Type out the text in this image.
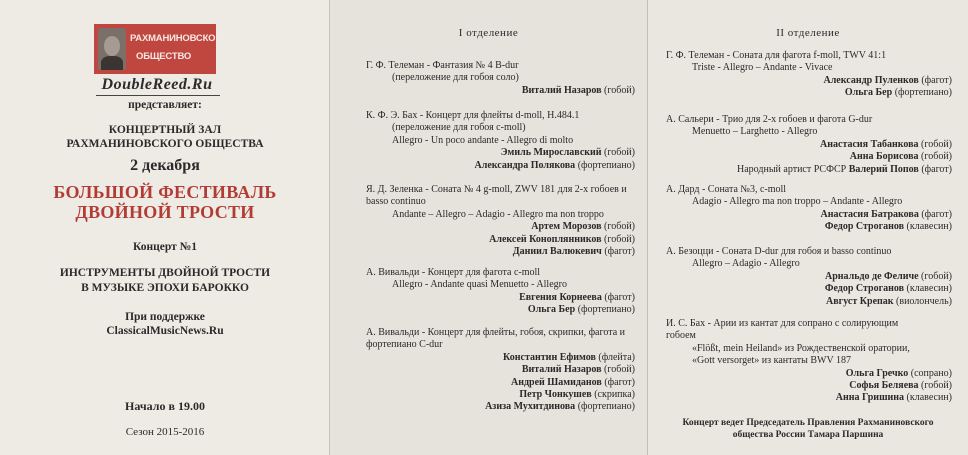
РАХМАНИНОВСКОЕ
ОБЩЕСТВО
DoubleReed.Ru
представляет:
КОНЦЕРТНЫЙ ЗАЛ
РАХМАНИНОВСКОГО ОБЩЕСТВА
2 декабря
БОЛЬШОЙ ФЕСТИВАЛЬ
ДВОЙНОЙ ТРОСТИ
Концерт №1
ИНСТРУМЕНТЫ ДВОЙНОЙ ТРОСТИ
В МУЗЫКЕ ЭПОХИ БАРОККО
При поддержке
ClassicalMusicNews.Ru
Начало в 19.00
Сезон 2015-2016
I отделение
Г. Ф. Телеман - Фантазия № 4 B-dur
(переложение для гобоя соло)
Виталий Назаров (гобой)
К. Ф. Э. Бах - Концерт для флейты d-moll, H.484.1
(переложение для гобоя c-moll)
Allegro - Un poco andante - Allegro di molto
Эмиль Мирославский (гобой)
Александра Полякова (фортепиано)
Я. Д. Зеленка - Соната № 4 g-moll, ZWV 181 для 2-х гобоев и
basso continuo
Andante – Allegro – Adagio - Allegro ma non troppo
Артем Морозов (гобой)
Алексей Коноплянников (гобой)
Даниил Валюкевич (фагот)
А. Вивальди - Концерт для фагота c-moll
Allegro - Andante quasi Menuetto - Allegro
Евгения Корнеева (фагот)
Ольга Бер (фортепиано)
А. Вивальди - Концерт для флейты, гобоя, скрипки, фагота и
фортепиано C-dur
Константин Ефимов (флейта)
Виталий Назаров (гобой)
Андрей Шамиданов (фагот)
Петр Чонкушев (скрипка)
Азиза Мухитдинова (фортепиано)
II отделение
Г. Ф. Телеман - Соната для фагота f-moll, TWV 41:1
Triste - Allegro – Andante - Vivace
Александр Пуленков (фагот)
Ольга Бер (фортепиано)
А. Сальери - Трио для 2-х гобоев и фагота G-dur
Menuetto – Larghetto - Allegro
Анастасия Табанкова (гобой)
Анна Борисова (гобой)
Народный артист РСФСР Валерий Попов (фагот)
А. Дард - Соната №3, c-moll
Adagio - Allegro ma non troppo – Andante - Allegro
Анастасия Батракова (фагот)
Федор Строганов (клавесин)
А. Безоцци - Соната D-dur для гобоя и basso continuo
Allegro – Adagio - Allegro
Арнальдо де Феличе (гобой)
Федор Строганов (клавесин)
Август Крепак (виолончель)
И. С. Бах - Арии из кантат для сопрано с солирующим
гобоем
«Flößt, mein Heiland» из Рождественской оратории,
«Gott versorget» из кантаты BWV 187
Ольга Гречко (сопрано)
Софья Беляева (гобой)
Анна Гришина (клавесин)
Концерт ведет Председатель Правления Рахманиновского
общества России Тамара Паршина
